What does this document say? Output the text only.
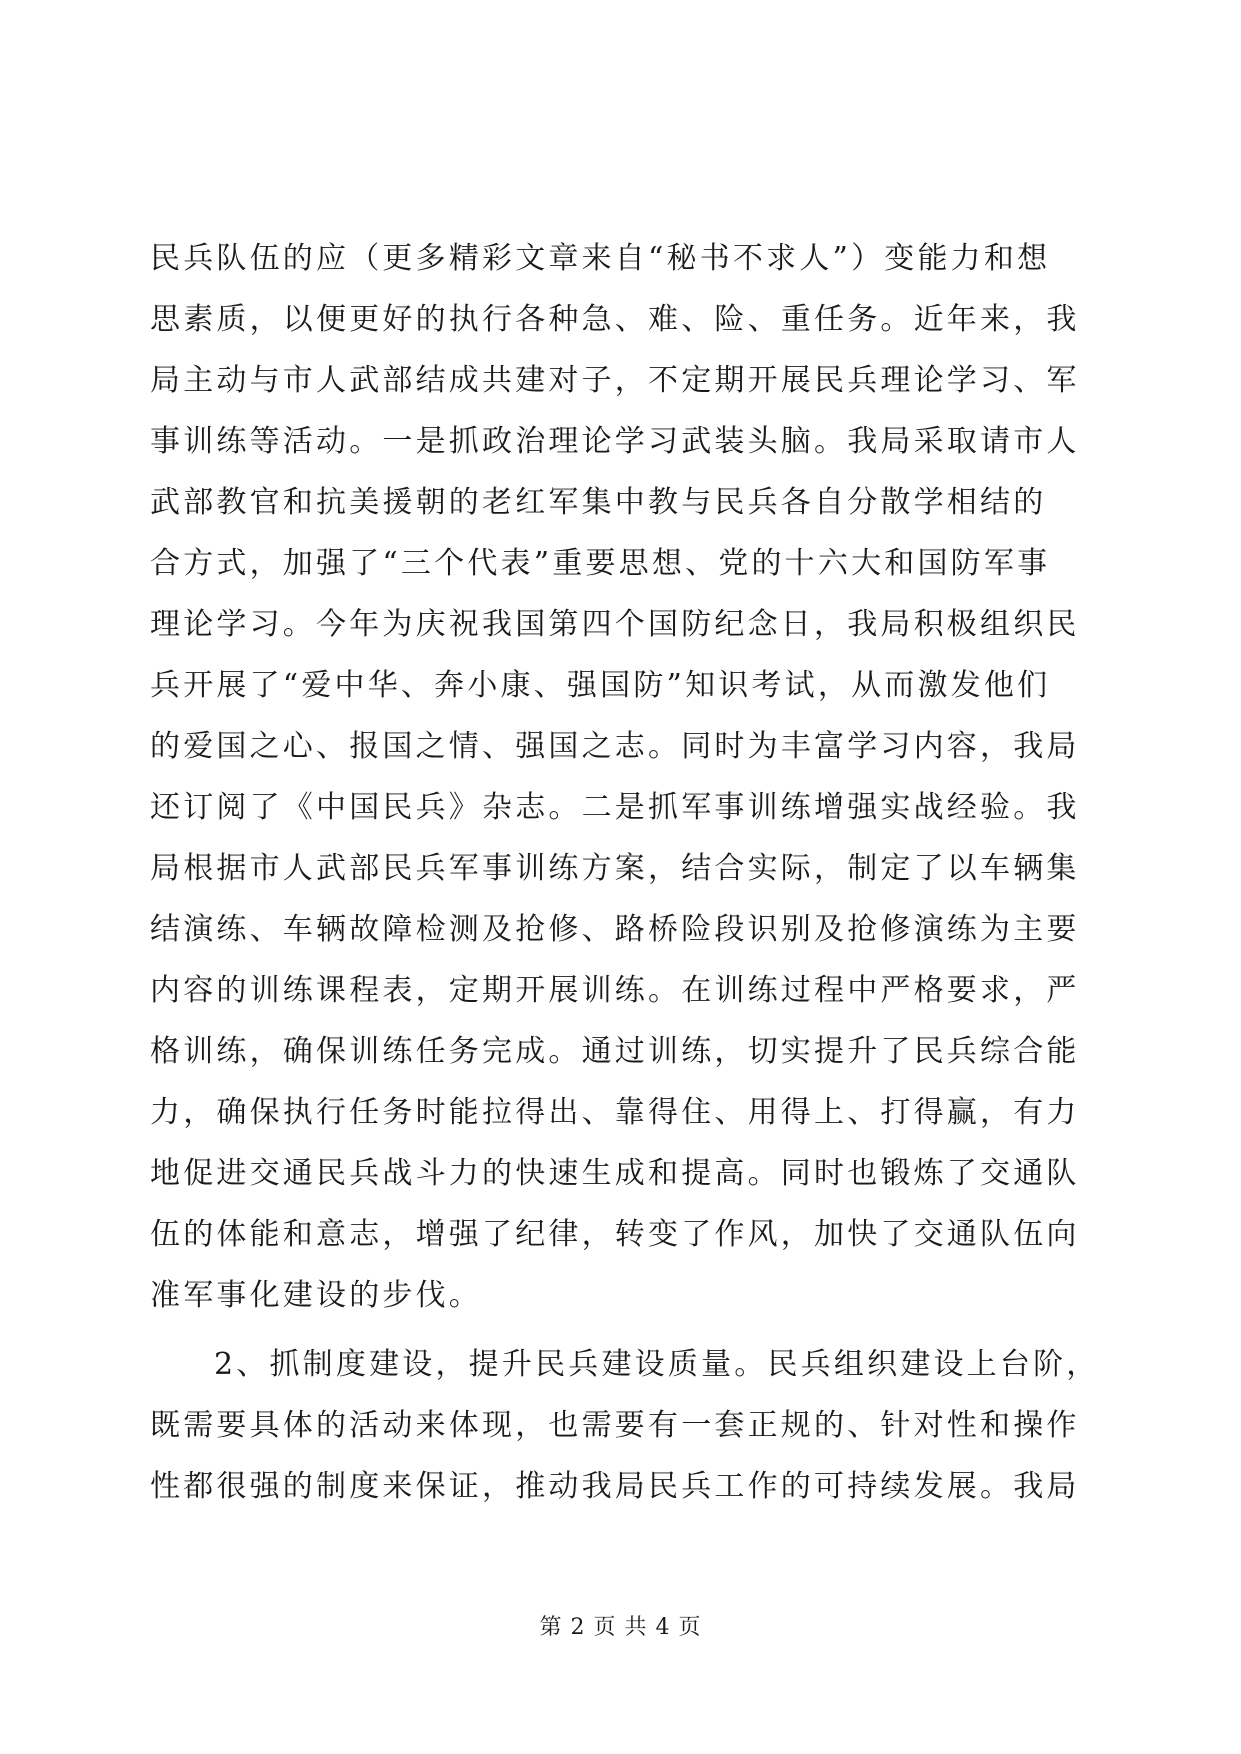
民兵队伍的应（更多精彩文章来自“秘书不求人”）变能力和想
思素质，以便更好的执行各种急、难、险、重任务。近年来，我
局主动与市人武部结成共建对子，不定期开展民兵理论学习、军
事训练等活动。一是抓政治理论学习武装头脑。我局采取请市人
武部教官和抗美援朝的老红军集中教与民兵各自分散学相结的
合方式，加强了“三个代表”重要思想、党的十六大和国防军事
理论学习。今年为庆祝我国第四个国防纪念日，我局积极组织民
兵开展了“爱中华、奔小康、强国防”知识考试，从而激发他们
的爱国之心、报国之情、强国之志。同时为丰富学习内容，我局
还订阅了《中国民兵》杂志。二是抓军事训练增强实战经验。我
局根据市人武部民兵军事训练方案，结合实际，制定了以车辆集
结演练、车辆故障检测及抢修、路桥险段识别及抢修演练为主要
内容的训练课程表，定期开展训练。在训练过程中严格要求，严
格训练，确保训练任务完成。通过训练，切实提升了民兵综合能
力，确保执行任务时能拉得出、靠得住、用得上、打得赢，有力
地促进交通民兵战斗力的快速生成和提高。同时也锻炼了交通队
伍的体能和意志，增强了纪律，转变了作风，加快了交通队伍向
准军事化建设的步伐。
2、抓制度建设，提升民兵建设质量。民兵组织建设上台阶，
既需要具体的活动来体现，也需要有一套正规的、针对性和操作
性都很强的制度来保证，推动我局民兵工作的可持续发展。我局
第 2 页 共 4 页
